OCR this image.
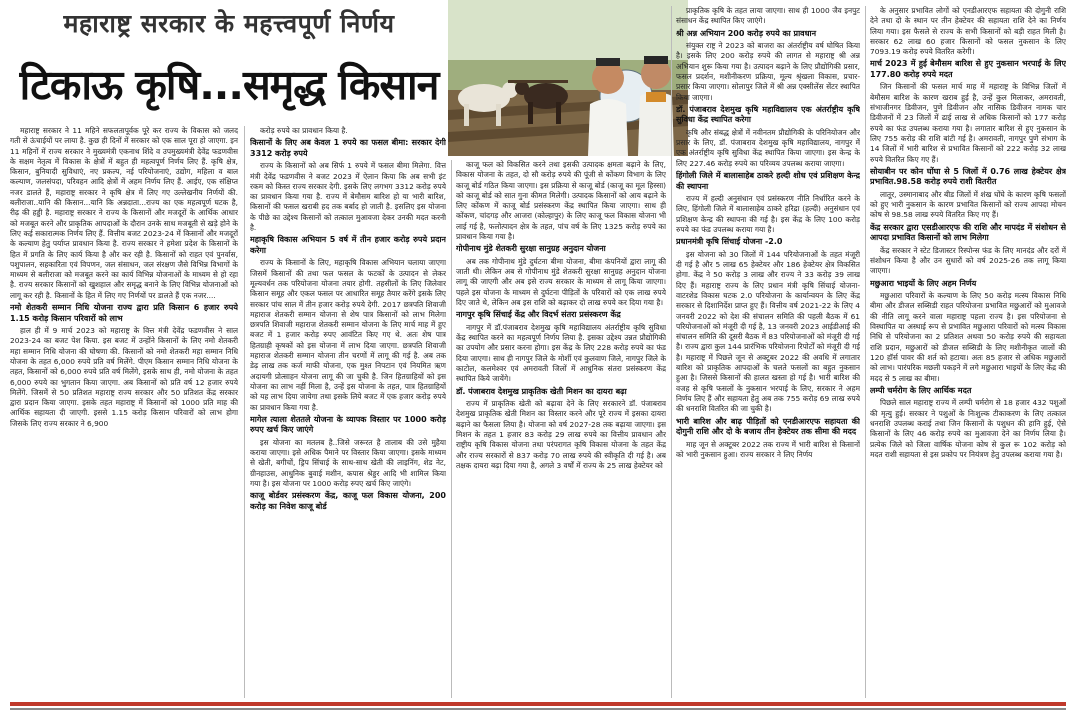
महाराष्ट्र सरकार के महत्त्वपूर्ण निर्णय
टिकाऊ कृषि...समृद्ध किसान

महाराष्ट्र सरकार ने 11 महिने सफलतापूर्वक पूरे कर राज्य के विकास को जलद गती से ऊंचाईयों पर लाया है. कुछ ही दिनों में सरकार को एक साल पूरा हो जाएगा. इन 11 महिनों में राज्य सरकार ने मुख्यमंत्री एकनाथ शिंदे व उपमुख्यमंत्री देवेंद्र फडणवीस के सक्षम नेतृत्व में विकास के क्षेत्रों में बहुत ही महत्वपूर्ण निर्णय लिए हैं. कृषि क्षेत्र, किसान, बुनियादी सुविधाएं, नए प्रकल्प, नई परियोजनाएं, उद्योग, महिला व बाल कल्याण, जलसंपदा, परिवहन आदि क्षेत्रों में अहम निर्णय लिए हैं. आईए, एक संक्षिप्त नजर डालते हैं, महाराष्ट्र सरकार ने कृषि क्षेत्र में लिए गए उल्लेखनीय निर्णयों की. बलीराजा..यानि की किसान...यानि कि अन्नदाता...राज्य का एक महत्वपूर्ण घटक है, रीढ़ की हड्डी है. महाराष्ट्र सरकार ने राज्य के किसानों और मजदूरों के आर्थिक आधार को मजबूत करने और प्राकृतिक आपदाओं के दौरान उनके साथ मजबूती से खड़े होने के लिए कई सकारात्मक निर्णय लिए हैं. वित्तीय बजट 2023-24 में किसानों और मजदूरों के कल्याण हेतु पर्याप्त प्रावधान किया है. राज्य सरकार ने हमेशा प्रदेश के किसानों के हित में प्रगति के लिए कार्य किया है और कर रही है. किसानों को राहत एवं पुनर्वास, पशुपालन, सहकारिता एवं विपणन, जल संसाधन, जल संरक्षण जैसे विभिन्न विभागों के माध्यम से बलीराजा को मजबूत करने का कार्य विभिन्न योजनाओं के माध्यम से हो रहा है. राज्य सरकार किसानों को खुशहाल और समृद्ध बनाने के लिए विभिन्न योजनाओं को लागू कर रही है. किसानों के हित में लिए गए निर्णयों पर डालते हैं एक नजर....

नमो शेतकरी सम्मान निधि योजना राज्य द्वारा प्रति किसान 6 हजार रुपये 1.15 करोड़ किसान परिवारों को लाभ

हाल ही में 9 मार्च 2023 को महाराष्ट्र के वित्त मंत्री देवेंद्र फडणवीस ने साल 2023-24 का बजट पेश किया. इस बजट में उन्होंने किसानों के लिए नमो शेतकरी महा सम्मान निधि योजना की घोषणा की. किसानों को नमो शेतकरी महा सम्मान निधि योजना के तहत 6,000 रुपये प्रति वर्ष मिलेंगे. पीएम किसान सम्मान निधि योजना के तहत, किसानों को 6,000 रुपये प्रति वर्ष मिलेंगे, इसके साथ ही, नमो योजना के तहत 6,000 रुपये का भुगतान किया जाएगा. अब किसानों को प्रति वर्ष 12 हजार रुपये मिलेंगे. जिसमें से 50 प्रतिशत महाराष्ट्र राज्य सरकार और 50 प्रतिशत केंद्र सरकार द्वारा प्रदान किया जाएगा. इसके तहत महाराष्ट्र में किसानों को 1000 प्रति माह की आर्थिक सहायता दी जाएगी. इससे 1.15 करोड़ किसान परिवारों को लाभ होगा जिसके लिए राज्य सरकार ने 6,900

करोड़ रुपये का प्रावधान किया है.

किसानों के लिए अब केवल 1 रुपये का फसल बीमा: सरकार देगी 3312 करोड़ रुपये

राज्य के किसानों को अब सिर्फ 1 रुपये में फसल बीमा मिलेगा. वित्त मंत्री देवेंद्र फडणवीस ने बजट 2023 में ऐलान किया कि अब सभी इंट रकम को किस्त राज्य सरकार देगी. इसके लिए लगभग 3312 करोड़ रुपये का प्रावधान किया गया है. राज्य में बेमौसम बारिश हो या भारी बारिश, किसानों की फसल खराबी हद तक बर्बाद हो जाती है. इसलिए इस योजना के पीछे का उद्देश्य किसानों को तत्काल मुआवजा देकर उनकी मदत करनी है.

महाकृषि विकास अभियान 5 वर्ष में तीन हजार करोड़ रुपये प्रदान करेगा

राज्य के किसानों के लिए, महाकृषि विकास अभियान चलाया जाएगा जिसमें किसानों की तथा फल फसल के फटकों के उत्पादन से लेकर मूल्यवर्धन तक परियोजना योजना तयार होगी. तहसीलों के लिए जिलेवार किसान समूह और एकल फसल पर आधारित समूह तैयार करेंगे इसके लिए सरकार पांच साल में तीन हजार करोड़ रुपये देगी. 2017 छत्रपति शिवाजी महाराज शेतकरी सम्मान योजना से शेष पात्र किसानों को लाभ मिलेगा छत्रपति शिवाजी महाराज शेतकरी सम्मान योजना के लिए मार्च माह में हुए बजट में 1 हजार करोड़ रुपए आवंटित किए गए थे. अतः शेष पात्र हितग्राही कृषकों को इस योजना में लाभ दिया जाएगा. छत्रपति शिवाजी महाराज शेतकरी सम्मान योजना तीन चरणों में लागू की गई है. अब तक डेढ़ लाख तक कर्ज माफी योजना, एक मुश्त निपटान एवं नियमित ऋण अदायगी प्रोत्साहन योजना लागू की जा चुकी है. जिन हितग्राहियों को इस योजना का लाभ नहीं मिला है, उन्हें इस योजना के तहत, पात्र हितग्राहियों को यह लाभ दिया जायेगा तथा इसके लिये बजट में एक हजार करोड़ रुपये का प्रावधान किया गया है.

मागेल त्याला शेततले योजना के व्यापक विस्तार पर 1000 करोड़ रुपए खर्च किए जाएंगे

इस योजना का मतलब है..जिसे जरूरत है तालाब की उसे मुहैया कराया जाएगा। इसे अधिक पैमाने पर विस्तार किया जाएगा। इसके माध्यम से खेती, बगीचों, ड्रिप सिंचाई के साथ-साथ खेती की लाइनिंग, शेड नेट, ग्रीनहाउस, आधुनिक बुवाई मशीन, कपास श्रेड्डर आदि भी शामिल किया गया है। इस योजना पर 1000 करोड़ रुपए खर्च किए जाएंगे।

काजू बोर्डवर प्रसंस्करण केंद्र, काजू फल विकास योजना, 200 करोड़ का निवेश काजू बोर्ड

काजू फल को विकसित करने तथा इसकी उत्पादक क्षमता बढ़ाने के लिए, विकास योजना के तहत, दो सौ करोड़ रुपये की पूंजी से कोंकण विभाग के लिए काजू बोर्ड गठित किया जाएगा। इस प्रक्रिया से काजू बोर्ड (काजू का मूल हिस्सा) को काजू बोर्ड को सात गुना कीमत मिलेगी। उत्पादक किसानों को आय बढ़ाने के लिए कोंकण में काजू बोर्ड प्रसंस्करण केंद्र स्थापित किया जाएगा। साथ ही कोंकण, चांदगड़ और आजरा (कोल्हापुर) के लिए काजू फल विकास योजना भी लाई गई है, फलोत्पादन क्षेत्र के तहत, पांच वर्ष के लिए 1325 करोड़ रुपये का प्रावधान किया गया है।

गोपीनाथ मुंडे शेतकरी सुरक्षा सानुग्रह अनुदान योजना

अब तक गोपीनाथ मुंडे दुर्घटना बीमा योजना, बीमा कंपनियों द्वारा लागू की जाती थी। लेकिन अब से गोपीनाथ मुंडे शेतकरी सुरक्षा सानुग्रह अनुदान योजना लागू की जाएगी और अब इसे राज्य सरकार के माध्यम से लागू किया जाएगा। पहले इस योजना के माध्यम से दुर्घटना पीड़ितों के परिवारों को एक लाख रुपये दिए जाते थे, लेकिन अब इस राशि को बढ़ाकर दो लाख रुपये कर दिया गया है।

नागपुर कृषि सिंचाई केंद्र और विदर्भ संतरा प्रसंस्करण केंद्र

नागपुर में डॉ.पंजाबराव देशमुख कृषि महाविद्यालय अंतर्राष्ट्रीय कृषि सुविधा केंद्र स्थापित करने का महत्वपूर्ण निर्णय लिया है. इसका उद्देश्य उन्नत प्रौद्योगिकी का उपयोग और प्रसार करना होगा। इस केंद्र के लिए 228 करोड़ रुपये का फंड दिया जाएगा। साथ ही नागपुर जिले के मोर्शी एवं कुलवाण जिले, नागपुर जिले के काटोल, कलमेश्वर एवं अमरावती जिलों में आधुनिक संतरा प्रसंस्करण केंद्र स्थापित किये जायेंगे।

डॉ. पंजाबराव देशमुख प्राकृतिक खेती मिशन का दायरा बढ़ा

राज्य में प्राकृतिक खेती को बढ़ावा देने के लिए सरकारने डॉ. पंजाबराव देशमुख प्राकृतिक खेती मिशन का विस्तार करने और पूरे राज्य में इसका दायरा बढ़ाने का फैसला लिया है। योजना को वर्ष 2027-28 तक बढ़ाया जाएगा। इस मिशन के तहत 1 हजार 83 करोड़ 29 लाख रुपये का वित्तीय प्रावधान और राष्ट्रीय कृषि विकास योजना तथा परंपरागत कृषि विकास योजना के तहत केंद्र और राज्य सरकारों से 837 करोड़ 70 लाख रुपये की स्वीकृति दी गई है। अब तक्षक दायरा बढ़ा दिया गया है, अगले 3 वर्षों में राज्य के 25 लाख हेक्टेयर को

प्राकृतिक कृषि के तहत लाया जाएगा। साथ ही 1000 जैव इनपुट संसाधन केंद्र स्थापित किए जाएंगे।

श्री अन्न अभियान 200 करोड़ रुपये का प्रावधान

संयुक्त राष्ट्र ने 2023 को बाजरा का अंतर्राष्ट्रीय वर्ष घोषित किया है। इसके लिए 200 करोड़ रुपये की लागत से महाराष्ट्र श्री अन्न अभियान शुरू किया गया है। उत्पादन बढ़ाने के लिए प्रौद्योगिकी प्रसार, फसल प्रदर्शन, मशीनीकरण प्रक्रिया, मूल्य श्रृंखला विकास, प्रचार-प्रसार किया जाएगा। सोलापुर जिले में श्री अन्न एक्सीलेंस सेंटर स्थापित किया जाएगा।

डॉ. पंजाबराव देशमुख कृषि महाविद्यालय एक अंतर्राष्ट्रीय कृषि सुविधा केंद्र स्थापित करेगा

कृषि और संबद्ध क्षेत्रों में नवीनतम प्रौद्योगिकी के परिनियोजन और प्रसार के लिए, डॉ. पंजाबराव देशमुख कृषि महाविद्यालय, नागपुर में एक अंतर्राष्ट्रीय कृषि सुविधा केंद्र स्थापित किया जाएगा। इस केन्द्र के लिए 227.46 करोड़ रुपये का परिव्यय उपलब्ध कराया जाएगा।

हिंगोली जिले में बालासाहेब ठाकरे हल्दी शोध एवं प्रशिक्षण केन्द्र की स्थापना

राज्य में हल्दी अनुसंधान एवं प्रसंस्करण नीति निर्धारित करने के लिए, हिंगोली जिले में बालासाहेब ठाकरे हरिद्रा (हल्दी) अनुसंधान एवं प्रशिक्षण केन्द्र की स्थापना की गई है। इस केंद्र के लिए 100 करोड़ रुपये का फंड उपलब्ध कराया गया है।

प्रधानमंत्री कृषि सिंचाई योजना -2.0

इस योजना को 30 जिलों में 144 परियोजनाओं के तहत मंजूरी दी गई है और 5 लाख 65 हेक्टेयर और 186 हेक्टेयर क्षेत्र विकसित होगा. केंद्र ने 50 करोड़ 3 लाख और राज्य ने 33 करोड़ 39 लाख दिए हैं। महाराष्ट्र राज्य के लिए प्रधान मंत्री कृषि सिंचाई योजना-वाटरशेड विकास घटक 2.0 परियोजना के कार्यान्वयन के लिए केंद्र सरकार से दिशानिर्देश प्राप्त हुए हैं। वित्तीय वर्ष 2021-22 के लिए 4 जनवरी 2022 को देश की संचालन समिति की पहली बैठक में 61 परियोजनाओं को मंजूरी दी गई है, 13 जनवरी 2023 आईडीआई की संचालन समिति की दूसरी बैठक में 83 परियोजनाओं को मंजूरी दी गई है। राज्य द्वारा कुल 144 प्रारंभिक परियोजना रिपोर्टों को मंजूरी दी गई है। महाराष्ट्र में पिछले जून से अक्टूबर 2022 की अवधि में लगातार बारिश को प्राकृतिक आपदाओं के चलते फसलों का बहुत नुकसान हुआ है। जिससे किसानों की हालत खस्ता हो गई है। भारी बारिश की वजह से कृषि फसलों के नुकसान भरपाई के लिए, सरकार ने अहम निर्णय लिए हैं और सहायता हेतु अब तक 755 करोड़ 69 लाख रुपये की धनराशि वितरित की जा चुकी है।

भारी बारिश और बाढ़ पीड़ितों को एनडीआरएफ सहायता की दोगुनी राशि और दो के बजाय तीन हेक्टेयर तक सीमा की मदद

माह जून से अक्टूबर 2022 तक राज्य में भारी बारिश से किसानों को भारी नुकसान हुआ। राज्य सरकार ने लिए निर्णय

के अनुसार प्रभावित लोगों को एनडीआरएफ सहायता की दोगुनी राशि देने तथा दो के स्थान पर तीन हेक्टेयर की सहायता राशि देने का निर्णय लिया गया। इस फैसले से राज्य के सभी किसानों को बड़ी राहत मिली है। सरकार 62 लाख 60 हजार किसानों को फसल नुकसान के लिए 7093.19 करोड़ रुपये वितरित करेगी।

मार्च 2023 में हुई बेमौसम बारिश से हुए नुकसान भरपाई के लिए 177.80 करोड़ रुपये मदत

जिन किसानों की फसल मार्च माह में महाराष्ट्र के विभिन्न जिलों में बेमौसम बारिश के कारण खराब हुई है, उन्हें कुल मिलाकर, अमरावती, संभाजीनगर डिवीजन, पुणे डिवीजन और नासिक डिवीजन नामक चार डिवीजनों में 23 जिलों में ढाई लाख से अधिक किसानों को 177 करोड़ रुपये का फंड उपलब्ध कराया गया है। लगातार बारिश से हुए नुकसान के लिए 755 करोड़ की राशि बांटी गई है। अमरावती, नागपुर पुणे संभाग के 14 जिलों में भारी बारिश से प्रभावित किसानों को 222 करोड़ 32 लाख रुपये वितरित किए गए हैं।

सोयाबीन पर कोन घोंघा से 5 जिलों में 0.76 लाख हेक्टेयर क्षेत्र प्रभावित.98.58 करोड़ रुपये राशी वितरीत

लातूर, उस्मानाबाद और बीड जिलों में शंख घोंघे के कारण कृषि फसलों को हुए भारी नुकसान के कारण प्रभावित किसानों को राज्य आपदा मोचन कोष से 98.58 लाख रुपये वितरित किए गए हैं।

केंद्र सरकार द्वारा एसडीआरएफ की राशि और मापदंड में संशोधन से आपदा प्रभावित किसानों को लाभ मिलेगा

केंद्र सरकार ने स्टेट डिजास्टर रिस्पोन्स फंड के लिए मानदंड और दरों में संशोधन किया है और उन सुधारों को वर्ष 2025-26 तक लागू किया जाएगा।

मछुआरा भाइयों के लिए अहम निर्णय

मछुआरा परिवारों के कल्याण के लिए 50 करोड़ मत्स्य विकास निधि बीमा और डीजल सब्सिडी राहत परियोजना प्रभावित मछुआरों को मुआवजे की नीति लागू करने वाला महाराष्ट्र पहला राज्य है। इस परियोजना से विस्थापित या अस्थाई रूप से प्रभावित मछुआरा परिवारों को मत्स्य विकास निधि से परियोजना का 2 प्रतिशत अथवा 50 करोड़ रुपये की सहायता राशि प्रदान, मछुआरों को डीजल सब्सिडी के लिए मशीनीकृत जालों की 120 हॉर्स पावर की शर्त को हटाया। अतः 85 हजार से अधिक मछुआरों को लाभ। पारंपरिक मछली पकड़ने में लगे मछुआरा भाइयों के लिए केंद्र की मदद से 5 लाख का बीमा।

लम्पी चर्मरोग के लिए आर्थिक मदत

पिछले साल महाराष्ट्र राज्य में लम्पी चर्मरोग से 18 हजार 432 पशुओं की मृत्यु हुई। सरकार ने पशुओं के निःशुल्क टीकाकरण के लिए तत्काल धनराशि उपलब्ध कराई तथा जिन किसानों के पशुधन की हानि हुई, ऐसे किसानों के लिए 46 करोड़ रुपये का मुआवजा देने का निर्णय लिया है। प्रत्येक जिले को जिला वार्षिक योजना कोष से कुल रू 102 करोड़ को मदत राशी सहायता से इस प्रकोप पर नियंत्रण हेतु उपलब्ध कराया गया है।
